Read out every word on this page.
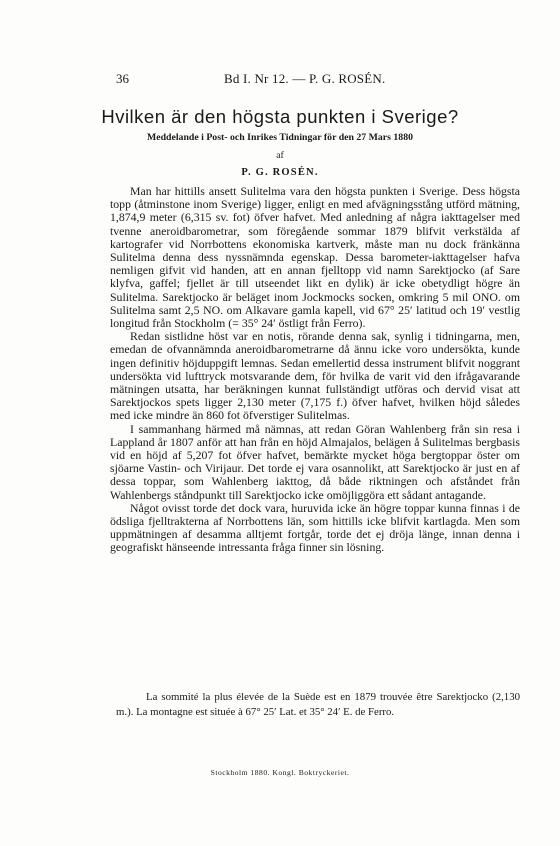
36	Bd I. Nr 12. — P. G. ROSÉN.
Hvilken är den högsta punkten i Sverige?
Meddelande i Post- och Inrikes Tidningar för den 27 Mars 1880
af
P. G. ROSÉN.

Man har hittills ansett Sulitelma vara den högsta punkten i Sverige. Dess högsta topp (åtminstone inom Sverige) ligger, enligt en med afvägningsstång utförd mätning, 1,874,9 meter (6,315 sv. fot) öfver hafvet. Med anledning af några iakttagelser med tvenne aneroidbarometrar, som föregående sommar 1879 blifvit verkstälda af kartografer vid Norrbottens ekonomiska kartverk, måste man nu dock fränkänna Sulitelma denna dess nyssnämnda egenskap. Dessa barometer-iakttagelser hafva nemligen gifvit vid handen, att en annan fjelltopp vid namn Sarektjocko (af Sare klyfva, gaffel; fjellet är till utseendet likt en dylik) är icke obetydligt högre än Sulitelma. Sarektjocko är beläget inom Jockmocks socken, omkring 5 mil ONO. om Sulitelma samt 2,5 NO. om Alkavare gamla kapell, vid 67° 25′ latitud och 19′ vestlig longitud från Stockholm (= 35° 24′ östligt från Ferro).

Redan sistlidne höst var en notis, rörande denna sak, synlig i tidningarna, men, emedan de ofvannämnda aneroidbarometrarne då ännu icke voro undersökta, kunde ingen definitiv höjduppgift lemnas. Sedan emellertid dessa instrument blifvit noggrant undersökta vid lufttryck motsvarande dem, för hvilka de varit vid den ifrågavarande mätningen utsatta, har beräkningen kunnat fullständigt utföras och dervid visat att Sarektjockos spets ligger 2,130 meter (7,175 f.) öfver hafvet, hvilken höjd således med icke mindre än 860 fot öfverstiger Sulitelmas.

I sammanhang härmed må nämnas, att redan Göran Wahlenberg från sin resa i Lappland år 1807 anför att han från en höjd Almajalos, belägen å Sulitelmas bergbasis vid en höjd af 5,207 fot öfver hafvet, bemärkte mycket höga bergtoppar öster om sjöarne Vastin- och Virijaur. Det torde ej vara osannolikt, att Sarektjocko är just en af dessa toppar, som Wahlenberg iakttog, då både riktningen och afståndet från Wahlenbergs ståndpunkt till Sarektjocko icke omöjliggöra ett sådant antagande.

Något ovisst torde det dock vara, huruvida icke än högre toppar kunna finnas i de ödsliga fjelltrakterna af Norrbottens län, som hittills icke blifvit kartlagda. Men som uppmätningen af desamma alltjemt fortgår, torde det ej dröja länge, innan denna i geografiskt hänseende intressanta fråga finner sin lösning.

La sommité la plus élevée de la Suède est en 1879 trouvée être Sarektjocko (2,130 m.). La montagne est située à 67° 25′ Lat. et 35° 24′ E. de Ferro.

Stockholm 1880. Kongl. Boktryckeriet.
